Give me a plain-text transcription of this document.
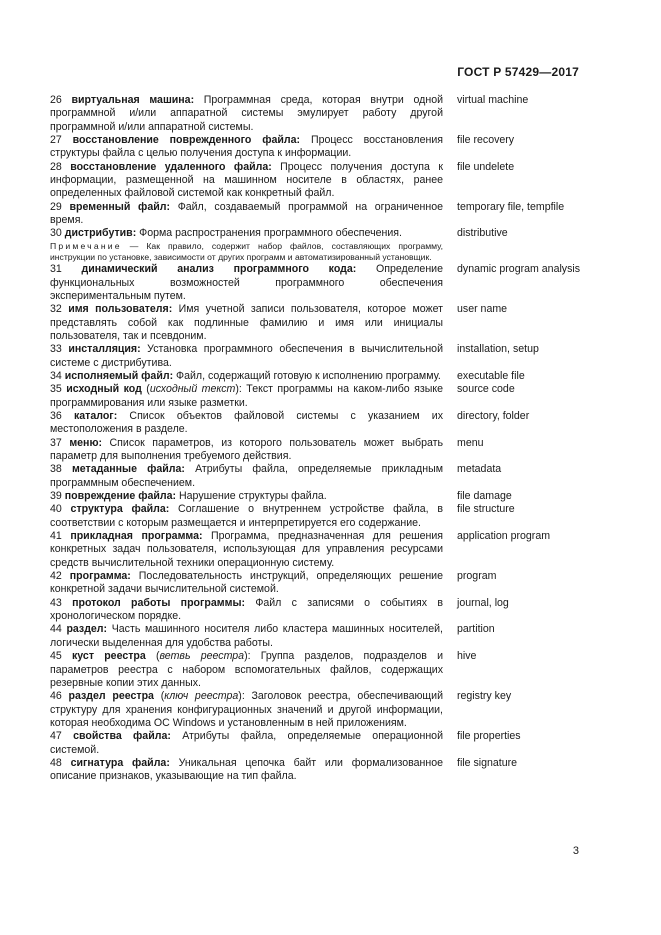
ГОСТ Р 57429—2017
26 виртуальная машина: Программная среда, которая внутри одной программной и/или аппаратной системы эмулирует работу другой программной и/или аппаратной системы.
virtual machine
27 восстановление поврежденного файла: Процесс восстановления структуры файла с целью получения доступа к информации.
file recovery
28 восстановление удаленного файла: Процесс получения доступа к информации, размещенной на машинном носителе в областях, ранее определенных файловой системой как конкретный файл.
file undelete
29 временный файл: Файл, создаваемый программой на ограниченное время.
temporary file, tempfile
30 дистрибутив: Форма распространения программного обеспечения.
Примечание — Как правило, содержит набор файлов, составляющих программу, инструкции по установке, зависимости от других программ и автоматизированный установщик.
distributive
31 динамический анализ программного кода: Определение функциональных возможностей программного обеспечения экспериментальным путем.
dynamic program analysis
32 имя пользователя: Имя учетной записи пользователя, которое может представлять собой как подлинные фамилию и имя или инициалы пользователя, так и псевдоним.
user name
33 инсталляция: Установка программного обеспечения в вычислительной системе с дистрибутива.
installation, setup
34 исполняемый файл: Файл, содержащий готовую к исполнению программу. executable file
35 исходный код (исходный текст): Текст программы на каком-либо языке программирования или языке разметки.
source code
36 каталог: Список объектов файловой системы с указанием их местоположения в разделе.
directory, folder
37 меню: Список параметров, из которого пользователь может выбрать параметр для выполнения требуемого действия.
menu
38 метаданные файла: Атрибуты файла, определяемые прикладным программным обеспечением.
metadata
39 повреждение файла: Нарушение структуры файла.	file damage
40 структура файла: Соглашение о внутреннем устройстве файла, в соответствии с которым размещается и интерпретируется его содержание.
file structure
41 прикладная программа: Программа, предназначенная для решения конкретных задач пользователя, использующая для управления ресурсами средств вычислительной техники операционную систему.
application program
42 программа: Последовательность инструкций, определяющих решение конкретной задачи вычислительной системой.
program
43 протокол работы программы: Файл с записями о событиях в хронологическом порядке.
journal, log
44 раздел: Часть машинного носителя либо кластера машинных носителей, логически выделенная для удобства работы.
partition
45 куст реестра (ветвь реестра): Группа разделов, подразделов и параметров реестра с набором вспомогательных файлов, содержащих резервные копии этих данных.
hive
46 раздел реестра (ключ реестра): Заголовок реестра, обеспечивающий структуру для хранения конфигурационных значений и другой информации, которая необходима ОС Windows и установленным в ней приложениям.
registry key
47 свойства файла: Атрибуты файла, определяемые операционной системой.
file properties
48 сигнатура файла: Уникальная цепочка байт или формализованное описание признаков, указывающие на тип файла.
file signature
3
